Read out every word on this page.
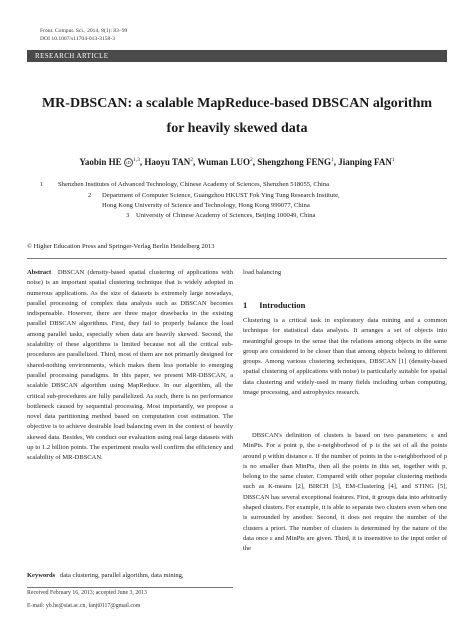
Front. Comput. Sci., 2014, 8(1): 83–99
DOI 10.1007/s11704-013-3158-3
RESEARCH ARTICLE
MR-DBSCAN: a scalable MapReduce-based DBSCAN algorithm
for heavily skewed data
Yaobin HE iD $^{1,3}$, Haoyu TAN$^2$, Wuman LUO$^2$, Shengzhong FENG$^1$, Jianping FAN$^1$
1 Shenzhen Institutes of Advanced Technology, Chinese Academy of Sciences, Shenzhen 518055, China
2 Department of Computer Science, Guangzhou HKUST Fok Ying Tung Research Institute,
Hong Kong University of Science and Technology, Hong Kong 999077, China
3 University of Chinese Academy of Sciences, Beijing 100049, China
© Higher Education Press and Springer-Verlag Berlin Heidelberg 2013
Abstract DBSCAN (density-based spatial clustering of applications with noise) is an important spatial clustering technique that is widely adopted in numerous applications. As the size of datasets is extremely large nowadays, parallel processing of complex data analysis such as DBSCAN becomes indispensable. However, there are three major drawbacks in the existing parallel DBSCAN algorithms. First, they fail to properly balance the load among parallel tasks, especially when data are heavily skewed. Second, the scalability of these algorithms is limited because not all the critical sub-procedures are parallelized. Third, most of them are not primarily designed for shared-nothing environments, which makes them less portable to emerging parallel processing paradigms. In this paper, we present MR-DBSCAN, a scalable DBSCAN algorithm using MapReduce. In our algorithm, all the critical sub-procedures are fully parallelized. As such, there is no performance bottleneck caused by sequential processing. Most importantly, we propose a novel data partitioning method based on computation cost estimation. The objective is to achieve desirable load balancing even in the context of heavily skewed data. Besides, We conduct our evaluation using real large datasets with up to 1.2 billion points. The experiment results well confirm the efficiency and scalability of MR-DBSCAN.
Keywords data clustering, parallel algorithm, data mining,
Received February 16, 2013; accepted June 3, 2013
E-mail: yb.he@siat.ac.cn, fanjt0117@gmail.com
load balancing
1 Introduction
Clustering is a critical task in exploratory data mining and a common technique for statistical data analysis. It arranges a set of objects into meaningful groups in the sense that the relations among objects in the same group are considered to be closer than that among objects belong to different groups. Among various clustering techniques, DBSCAN [1] (density-based spatial clustering of applications with noise) is particularly suitable for spatial data clustering and widely-used in many fields including urban computing, image processing, and astrophysics research.
DBSCAN's definition of clusters is based on two parameters: ε and MinPts. For a point p, the ε-neighborhood of p is the set of all the points around p within distance ε. If the number of points in the ε-neighborhood of p is no smaller than MinPts, then all the points in this set, together with p, belong to the same cluster. Compared with other popular clustering methods such as K-means [2], BIRCH [3], EM-Clustering [4], and STING [5], DBSCAN has several exceptional features. First, it groups data into arbitrarily shaped clusters. For example, it is able to separate two clusters even when one is surrounded by another. Second, it does not require the number of the clusters a priori. The number of clusters is determined by the nature of the data once ε and MinPts are given. Third, it is insensitive to the input order of the
